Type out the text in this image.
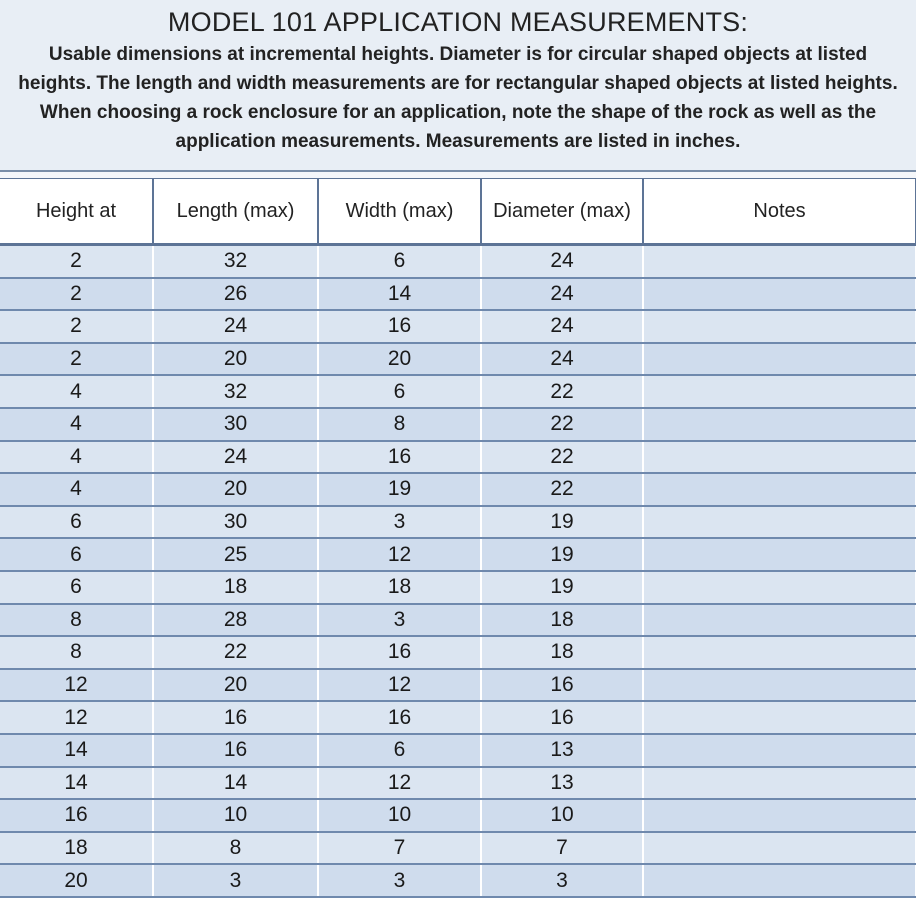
MODEL 101 APPLICATION MEASUREMENTS:
Usable dimensions at incremental heights. Diameter is for circular shaped objects at listed heights. The length and width measurements are for rectangular shaped objects at listed heights. When choosing a rock enclosure for an application, note the shape of the rock as well as the application measurements. Measurements are listed in inches.
Height at	Length (max)	Width (max)	Diameter (max)	Notes
2	32	6	24	
2	26	14	24	
2	24	16	24	
2	20	20	24	
4	32	6	22	
4	30	8	22	
4	24	16	22	
4	20	19	22	
6	30	3	19	
6	25	12	19	
6	18	18	19	
8	28	3	18	
8	22	16	18	
12	20	12	16	
12	16	16	16	
14	16	6	13	
14	14	12	13	
16	10	10	10	
18	8	7	7	
20	3	3	3	
